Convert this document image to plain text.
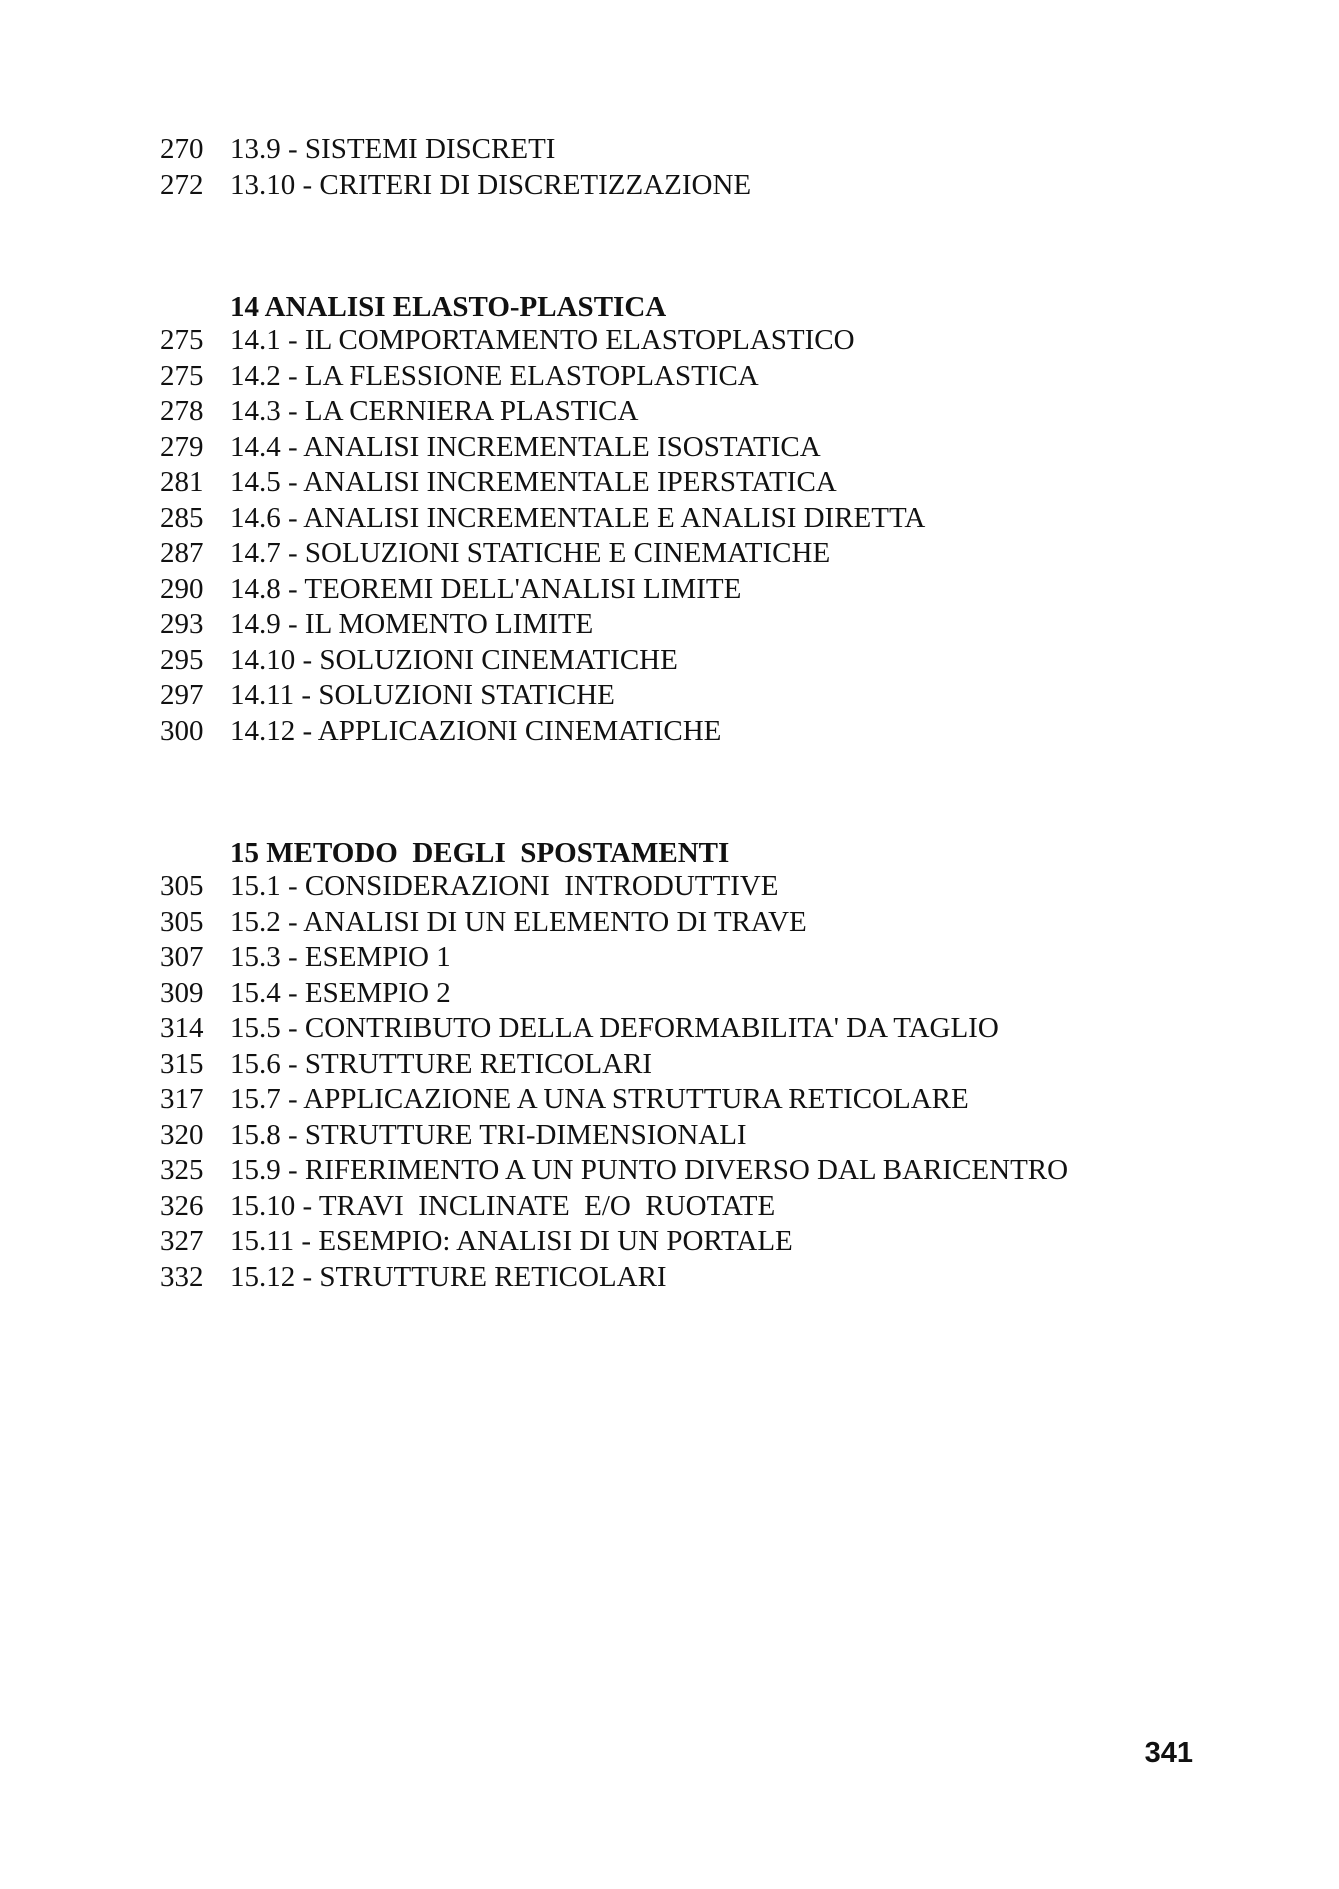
270 13.9 - SISTEMI DISCRETI
272 13.10 - CRITERI DI DISCRETIZZAZIONE
14 ANALISI ELASTO-PLASTICA
275 14.1 - IL COMPORTAMENTO ELASTOPLASTICO
275 14.2 - LA FLESSIONE ELASTOPLASTICA
278 14.3 - LA CERNIERA PLASTICA
279 14.4 - ANALISI INCREMENTALE ISOSTATICA
281 14.5 - ANALISI INCREMENTALE IPERSTATICA
285 14.6 - ANALISI INCREMENTALE E ANALISI DIRETTA
287 14.7 - SOLUZIONI STATICHE E CINEMATICHE
290 14.8 - TEOREMI DELL'ANALISI LIMITE
293 14.9 - IL MOMENTO LIMITE
295 14.10 - SOLUZIONI CINEMATICHE
297 14.11 - SOLUZIONI STATICHE
300 14.12 - APPLICAZIONI CINEMATICHE
15 METODO  DEGLI  SPOSTAMENTI
305 15.1 - CONSIDERAZIONI  INTRODUTTIVE
305 15.2 - ANALISI DI UN ELEMENTO DI TRAVE
307 15.3 - ESEMPIO 1
309 15.4 - ESEMPIO 2
314 15.5 - CONTRIBUTO DELLA DEFORMABILITA' DA TAGLIO
315 15.6 - STRUTTURE RETICOLARI
317 15.7 - APPLICAZIONE A UNA STRUTTURA RETICOLARE
320 15.8 - STRUTTURE TRI-DIMENSIONALI
325 15.9 - RIFERIMENTO A UN PUNTO DIVERSO DAL BARICENTRO
326 15.10 - TRAVI  INCLINATE  E/O  RUOTATE
327 15.11 - ESEMPIO: ANALISI DI UN PORTALE
332 15.12 - STRUTTURE RETICOLARI
341
